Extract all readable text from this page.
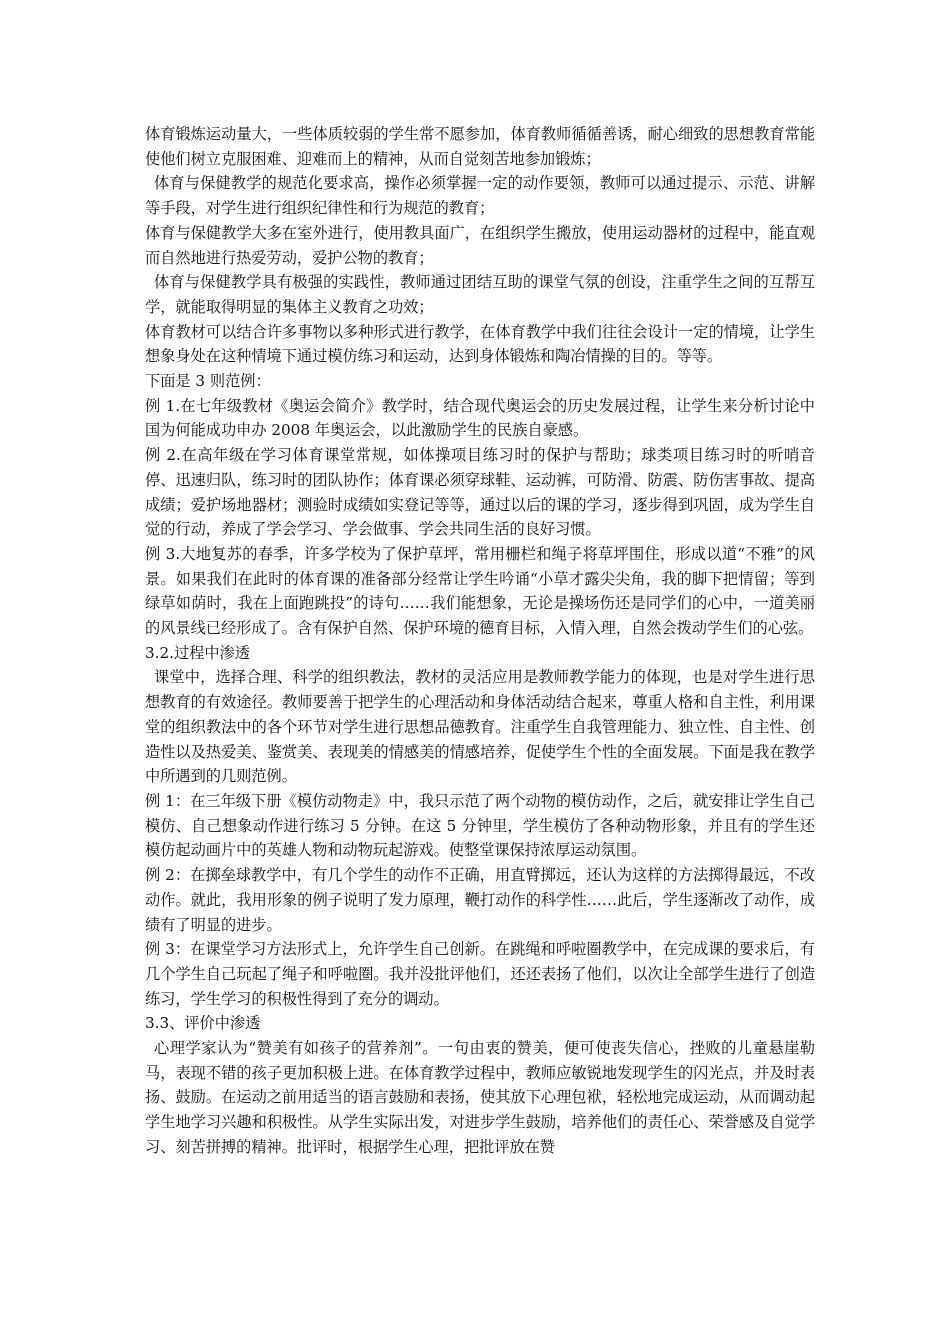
体育锻炼运动量大，一些体质较弱的学生常不愿参加，体育教师循循善诱，耐心细致的思想教育常能使他们树立克服困难、迎难而上的精神，从而自觉刻苦地参加锻炼；

体育与保健教学的规范化要求高，操作必须掌握一定的动作要领，教师可以通过提示、示范、讲解等手段，对学生进行组织纪律性和行为规范的教育；

体育与保健教学大多在室外进行，使用教具面广，在组织学生搬放，使用运动器材的过程中，能直观而自然地进行热爱劳动，爱护公物的教育；

体育与保健教学具有极强的实践性，教师通过团结互助的课堂气氛的创设，注重学生之间的互帮互学，就能取得明显的集体主义教育之功效；

体育教材可以结合许多事物以多种形式进行教学，在体育教学中我们往往会设计一定的情境，让学生想象身处在这种情境下通过模仿练习和运动，达到身体锻炼和陶冶情操的目的。等等。

下面是 3 则范例：

例 1.在七年级教材《奥运会简介》教学时，结合现代奥运会的历史发展过程，让学生来分析讨论中国为何能成功申办 2008 年奥运会，以此激励学生的民族自豪感。

例 2.在高年级在学习体育课堂常规，如体操项目练习时的保护与帮助；球类项目练习时的听哨音停、迅速归队，练习时的团队协作；体育课必须穿球鞋、运动裤，可防滑、防震、防伤害事故、提高成绩；爱护场地器材；测验时成绩如实登记等等，通过以后的课的学习，逐步得到巩固，成为学生自觉的行动，养成了学会学习、学会做事、学会共同生活的良好习惯。

例 3.大地复苏的春季，许多学校为了保护草坪，常用栅栏和绳子将草坪围住，形成以道“不雅”的风景。如果我们在此时的体育课的准备部分经常让学生吟诵“小草才露尖尖角，我的脚下把情留；等到绿草如荫时，我在上面跑跳投”的诗句……我们能想象，无论是操场伤还是同学们的心中，一道美丽的风景线已经形成了。含有保护自然、保护环境的德育目标，入情入理，自然会拨动学生们的心弦。

3.2.过程中渗透

课堂中，选择合理、科学的组织教法，教材的灵活应用是教师教学能力的体现，也是对学生进行思想教育的有效途径。教师要善于把学生的心理活动和身体活动结合起来，尊重人格和自主性，利用课堂的组织教法中的各个环节对学生进行思想品德教育。注重学生自我管理能力、独立性、自主性、创造性以及热爱美、鉴赏美、表现美的情感美的情感培养，促使学生个性的全面发展。下面是我在教学中所遇到的几则范例。

例 1：在三年级下册《模仿动物走》中，我只示范了两个动物的模仿动作，之后，就安排让学生自己模仿、自己想象动作进行练习 5 分钟。在这 5 分钟里，学生模仿了各种动物形象，并且有的学生还模仿起动画片中的英雄人物和动物玩起游戏。使整堂课保持浓厚运动氛围。

例 2：在掷垒球教学中，有几个学生的动作不正确，用直臂掷远，还认为这样的方法掷得最远，不改动作。就此，我用形象的例子说明了发力原理，鞭打动作的科学性……此后，学生逐渐改了动作，成绩有了明显的进步。

例 3：在课堂学习方法形式上，允许学生自己创新。在跳绳和呼啦圈教学中，在完成课的要求后，有几个学生自己玩起了绳子和呼啦圈。我并没批评他们，还还表扬了他们，以次让全部学生进行了创造练习，学生学习的积极性得到了充分的调动。

3.3、评价中渗透

心理学家认为“赞美有如孩子的营养剂”。一句由衷的赞美，便可使丧失信心，挫败的儿童悬崖勒马，表现不错的孩子更加积极上进。在体育教学过程中，教师应敏锐地发现学生的闪光点，并及时表扬、鼓励。在运动之前用适当的语言鼓励和表扬，使其放下心理包袱，轻松地完成运动，从而调动起学生地学习兴趣和积极性。从学生实际出发，对进步学生鼓励，培养他们的责任心、荣誉感及自觉学习、刻苦拼搏的精神。批评时，根据学生心理，把批评放在赞
